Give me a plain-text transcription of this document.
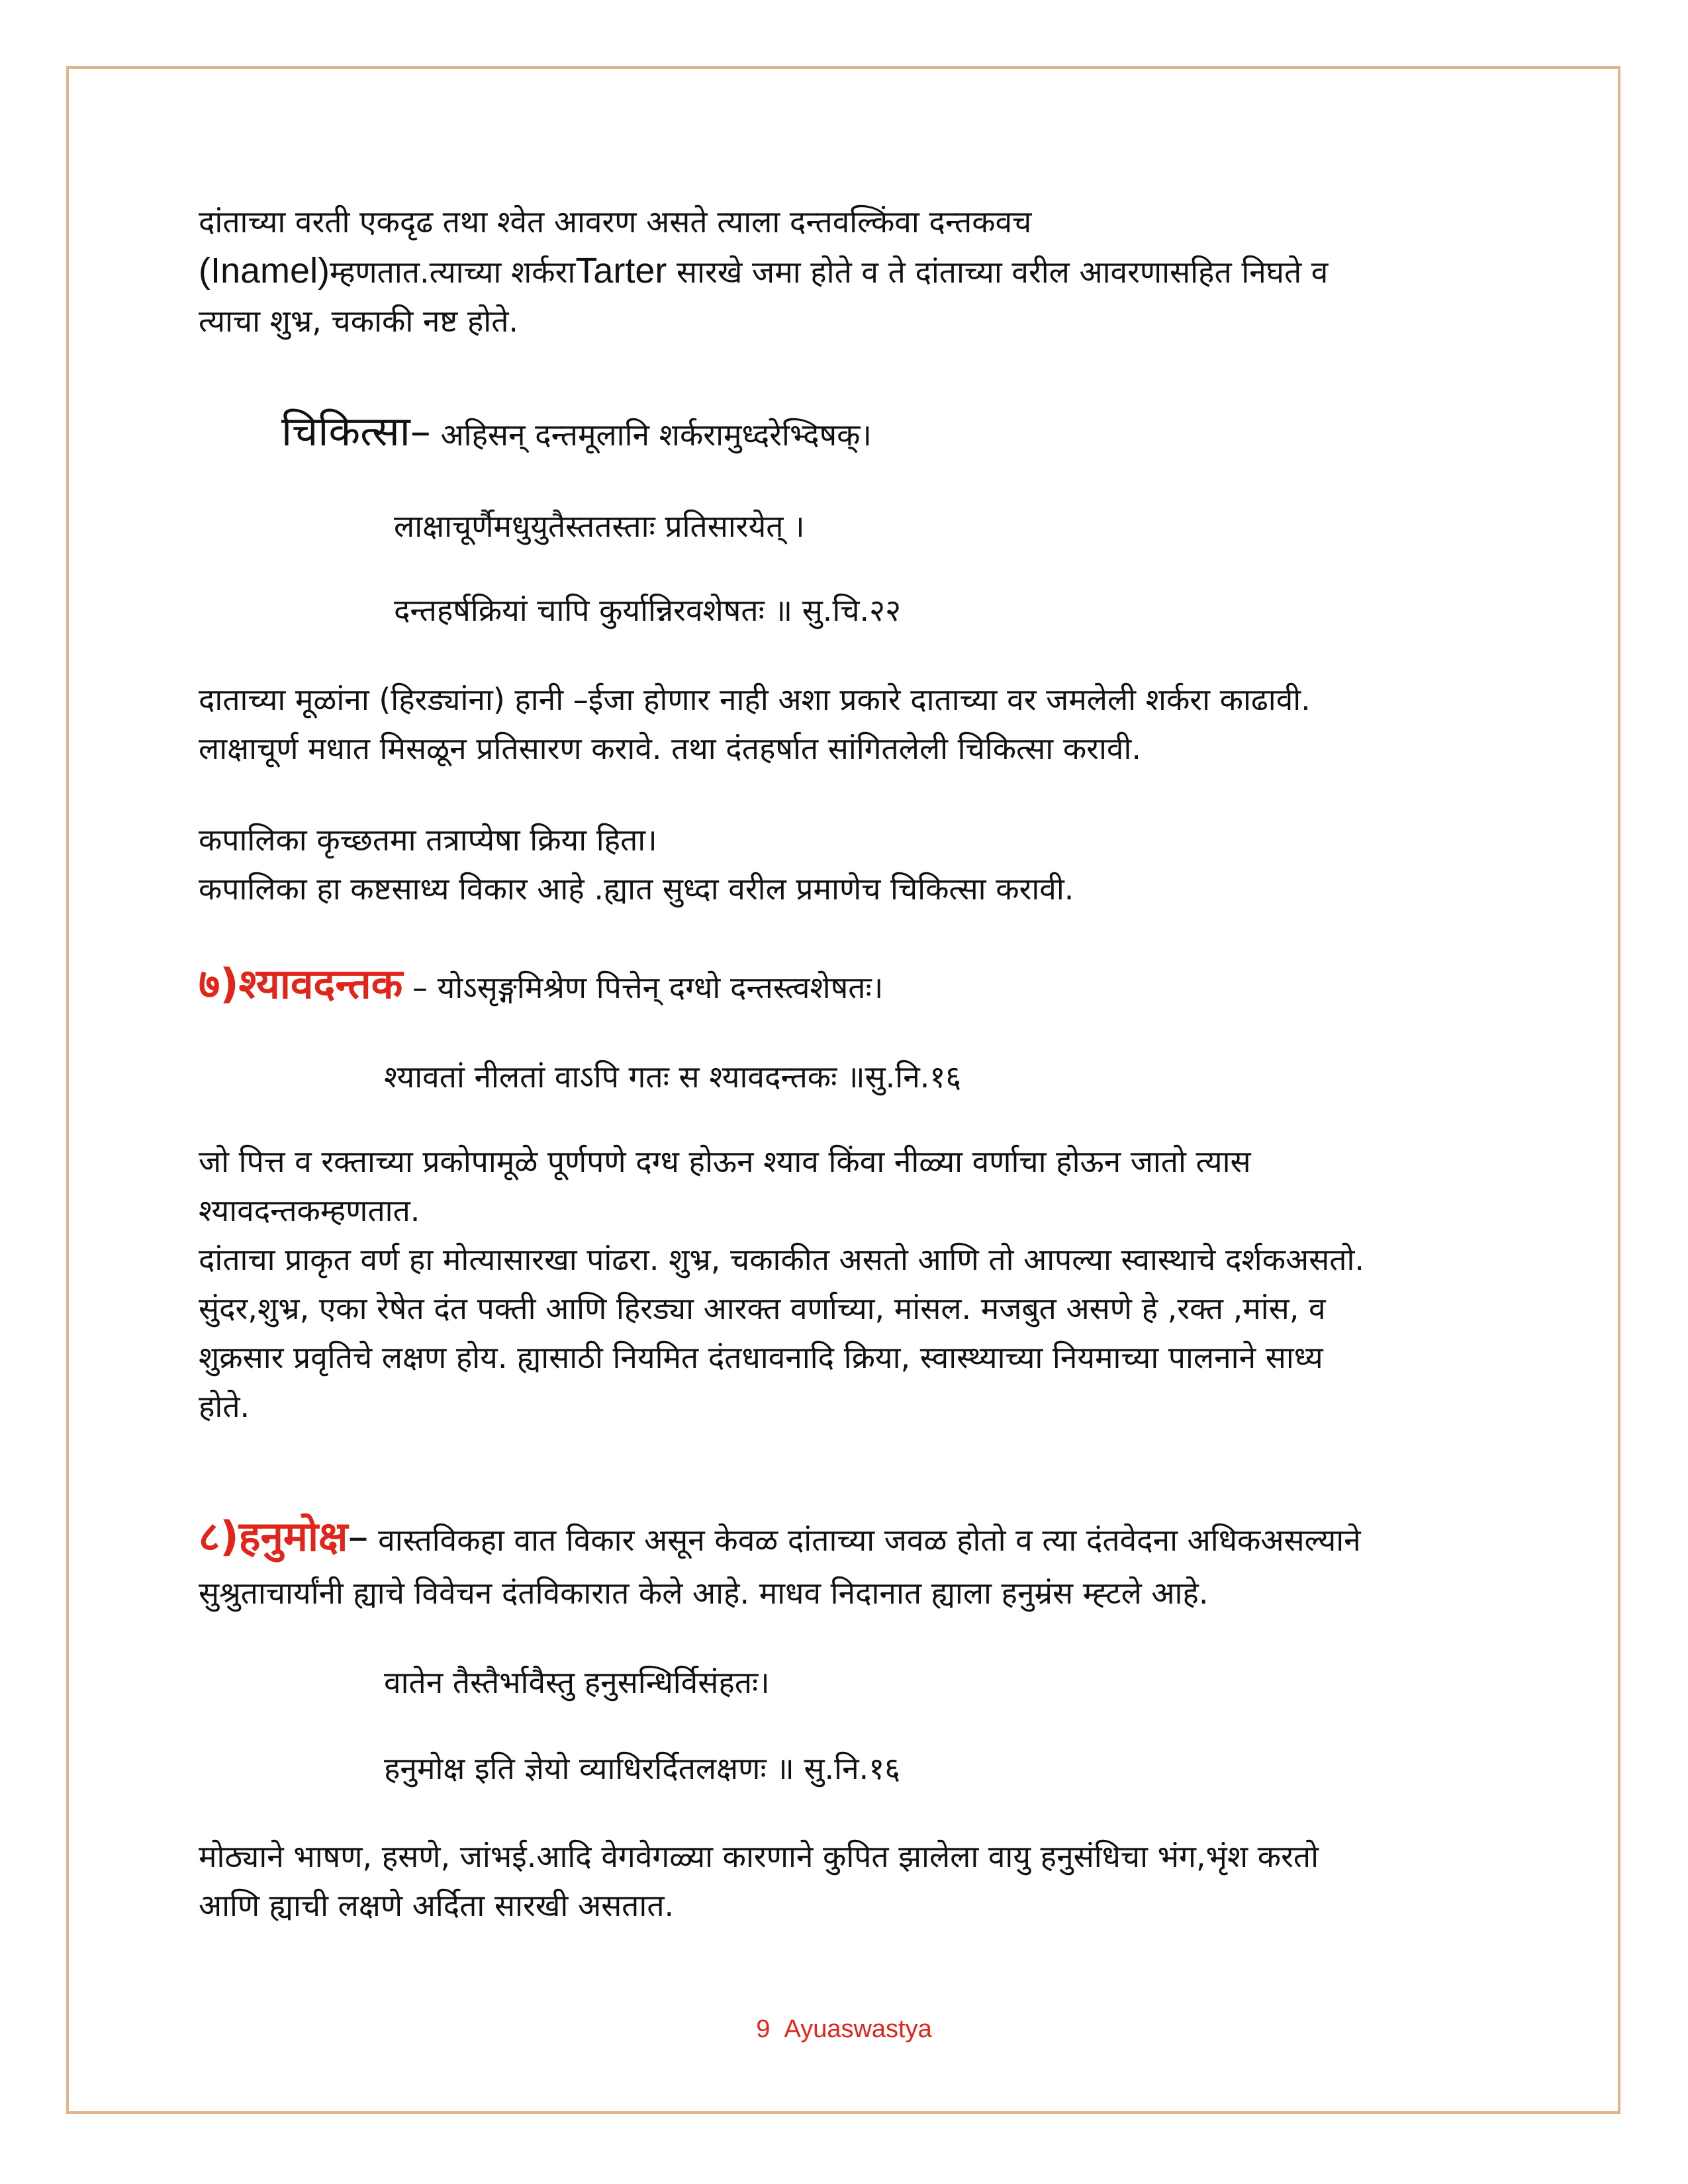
दांताच्या वरती एकदृढ तथा श्वेत आवरण असते त्याला दन्तवल्किंवा दन्तकवच
(Inamel)म्हणतात.त्याच्या शर्कराTarter सारखे जमा होते व ते दांताच्या वरील आवरणासहित निघते व
त्याचा शुभ्र, चकाकी नष्ट होते.
चिकित्सा– अहिसन् दन्तमूलानि शर्करामुध्दरेभ्दिषक्।
लाक्षाचूर्णैमधुयुतैस्ततस्ताः प्रतिसारयेत् ।
दन्तहर्षक्रियां चापि कुर्यान्निरवशेषतः ॥ सु.चि.२२
दाताच्या मूळांना (हिरड्यांना) हानी –ईजा होणार नाही अशा प्रकारे दाताच्या वर जमलेली शर्करा काढावी.
लाक्षाचूर्ण मधात मिसळून प्रतिसारण करावे. तथा दंतहर्षात सांगितलेली चिकित्सा करावी.
कपालिका कृच्छतमा तत्राप्येषा क्रिया हिता।
कपालिका हा कष्टसाध्य विकार आहे .ह्यात सुध्दा वरील प्रमाणेच चिकित्सा करावी.
७)श्यावदन्तक – योऽसृङ्गमिश्रेण पित्तेन् दग्धो दन्तस्त्वशेषतः।
श्यावतां नीलतां वाऽपि गतः स श्यावदन्तकः ॥सु.नि.१६
जो पित्त व रक्ताच्या प्रकोपामूळे पूर्णपणे दग्ध होऊन श्याव किंवा नीळ्या वर्णाचा होऊन जातो त्यास
श्यावदन्तकम्हणतात.
दांताचा प्राकृत वर्ण हा मोत्यासारखा पांढरा. शुभ्र, चकाकीत असतो आणि तो आपल्या स्वास्थाचे दर्शकअसतो.
सुंदर,शुभ्र, एका रेषेत दंत पक्ती आणि हिरड्या आरक्त वर्णाच्या, मांसल. मजबुत असणे हे ,रक्त ,मांस, व
शुक्रसार प्रवृतिचे लक्षण होय. ह्यासाठी नियमित दंतधावनादि क्रिया, स्वास्थ्याच्या नियमाच्या पालनाने साध्य
होते.
८)हनुमोक्ष– वास्तविकहा वात विकार असून केवळ दांताच्या जवळ होतो व त्या दंतवेदना अधिकअसल्याने
सुश्रुताचार्यांनी ह्याचे विवेचन दंतविकारात केले आहे. माधव निदानात ह्याला हनुम्रंस म्ह्टले आहे.
वातेन तैस्तैर्भावैस्तु हनुसन्धिर्विसंहतः।
हनुमोक्ष इति ज्ञेयो व्याधिरर्दितलक्षणः ॥ सु.नि.१६
मोठ्याने भाषण, हसणे, जांभई.आदि वेगवेगळ्या कारणाने कुपित झालेला वायु हनुसंधिचा भंग,भृंश करतो
आणि ह्याची लक्षणे अर्दिता सारखी असतात.
9 Ayuaswastya
